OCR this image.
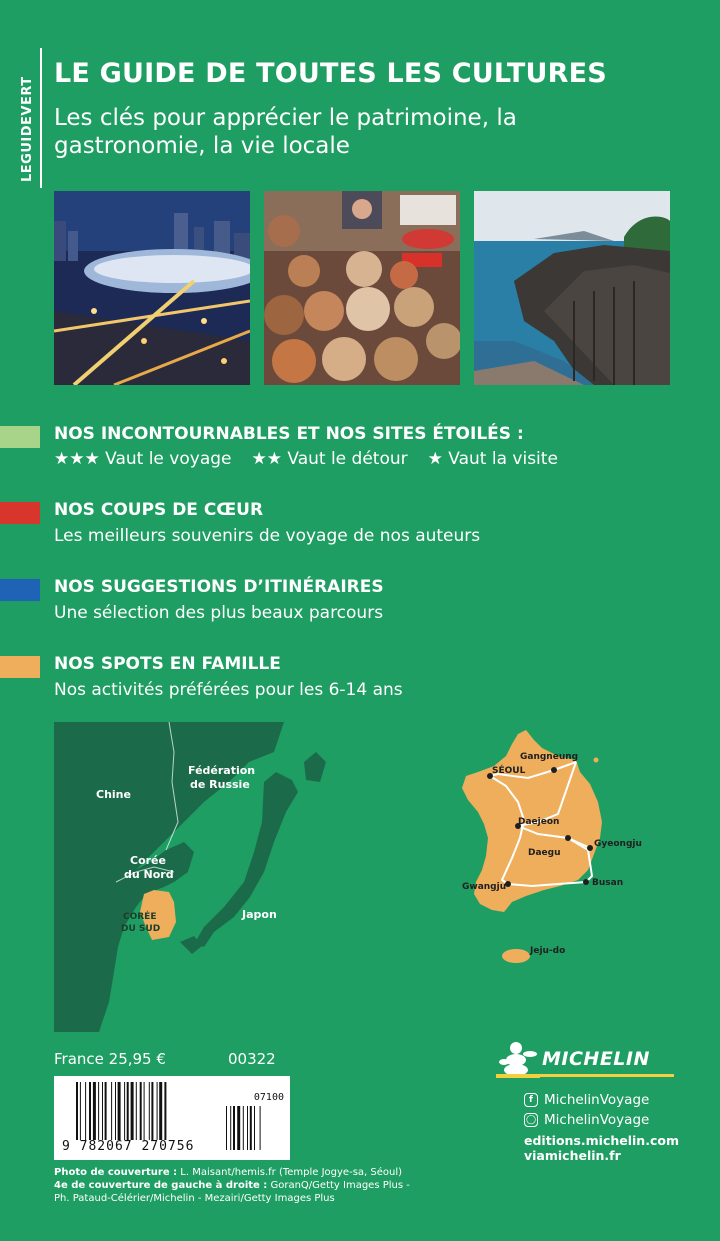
LEGUIDEVERT
LE GUIDE DE TOUTES LES CULTURES
Les clés pour apprécier le patrimoine, la gastronomie, la vie locale
NOS INCONTOURNABLES ET NOS SITES ÉTOILÉS :
★★★ Vaut le voyage ★★ Vaut le détour ★ Vaut la visite
NOS COUPS DE CŒUR
Les meilleurs souvenirs de voyage de nos auteurs
NOS SUGGESTIONS D’ITINÉRAIRES
Une sélection des plus beaux parcours
NOS SPOTS EN FAMILLE
Nos activités préférées pour les 6-14 ans
Chine
Fédération
de Russie
Corée
du Nord
CORÉE
DU SUD
Japon
SÉOUL
Gangneung
Daejeon
Daegu
Gyeongju
Gwangju	Busan
Jeju-do
France 25,95 €	00322
07100
9 782067 270756
Photo de couverture : L. Maisant/hemis.fr (Temple Jogye-sa, Séoul)
4e de couverture de gauche à droite : GoranQ/Getty Images Plus - Ph. Pataud-Célérier/Michelin - Mezairi/Getty Images Plus
MICHELIN
f MichelinVoyage
◯ MichelinVoyage
editions.michelin.com
viamichelin.fr
